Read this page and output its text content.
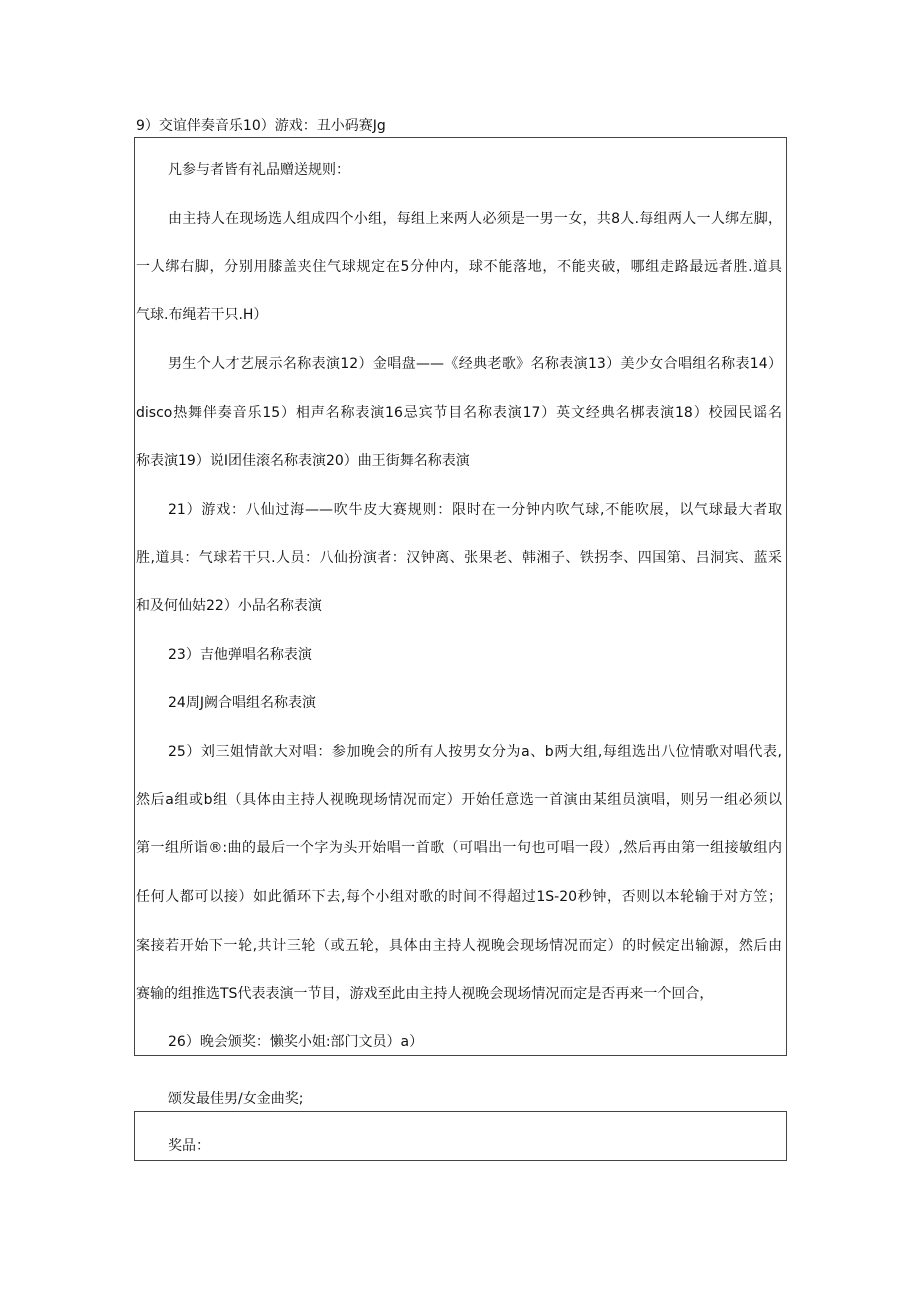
9）交谊伴奏音乐10）游戏：丑小码赛Jg
凡参与者皆有礼品赠送规则：
由主持人在现场选人组成四个小组，每组上来两人必须是一男一女，共8人.每组两人一人绑左脚，
一人绑右脚，分别用膝盖夹住气球规定在5分仲内，球不能落地，不能夹破，哪组走路最远者胜.道具
气球.布绳若干只.H）
男生个人才艺展示名称表演12）金唱盘——《经典老歌》名称表演13）美少女合唱组名称表14）
disco热舞伴奏音乐15）相声名称表演16忌宾节目名称表演17）英文经典名梆表演18）校园民谣名
称表演19）说I团佳滚名称表演20）曲王街舞名称表演
21）游戏：八仙过海——吹牛皮大赛规则：限时在一分钟内吹气球,不能吹展，以气球最大者取
胜,道具：气球若干只.人员：八仙扮演者：汉钟离、张果老、韩湘子、铁拐李、四国第、吕洞宾、蓝采
和及何仙姑22）小品名称表演
23）吉他弹唱名称表演
24周J阙合唱组名称表演
25）刘三姐情歆大对唱：参加晚会的所有人按男女分为a、b两大组,每组选出八位情歌对唱代表,
然后a组或b组（具体由主持人视晚现场情况而定）开始任意选一首演由某组员演唱，则另一组必须以
第一组所诣®:曲的最后一个字为头开始唱一首歌（可唱出一句也可唱一段）,然后再由第一组接敏组内
任何人都可以接）如此循环下去,每个小组对歌的时间不得超过1S-20秒钟，否则以本轮输于对方笠；
案接若开始下一轮,共计三轮（或五轮，具体由主持人视晚会现场情况而定）的时候定出输源，然后由
赛输的组推选TS代表表演一节目，游戏至此由主持人视晚会现场情况而定是否再来一个回合，
26）晚会颁奖：懒奖小姐:部门文员）a）
颂发最佳男/女金曲奖;
奖品：
